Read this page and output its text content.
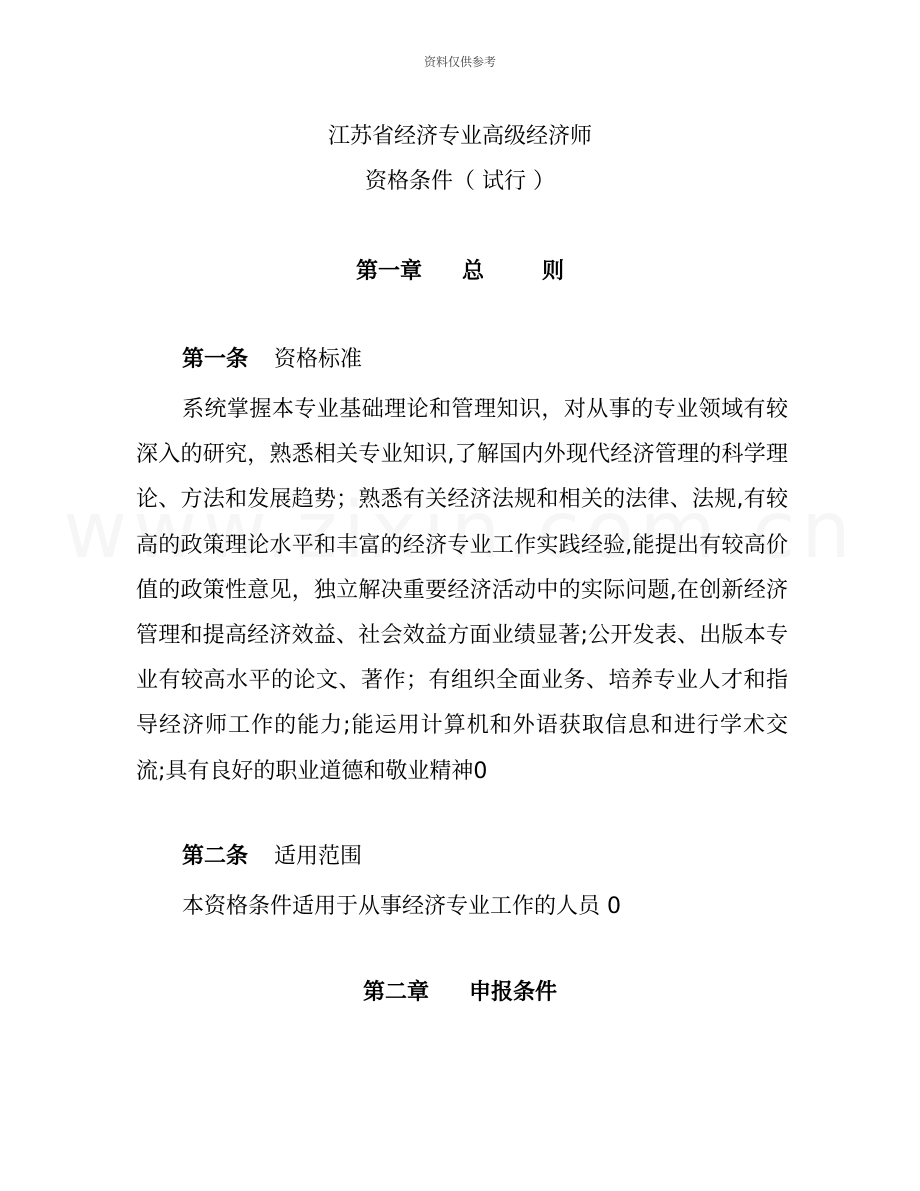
资料仅供参考
江苏省经济专业高级经济师
资格条件（ 试行 ）
第一章 总	则
第一条 资格标准
系统掌握本专业基础理论和管理知识，对从事的专业领域有较深入的研究，熟悉相关专业知识,了解国内外现代经济管理的科学理论、方法和发展趋势；熟悉有关经济法规和相关的法律、法规,有较高的政策理论水平和丰富的经济专业工作实践经验,能提出有较高价值的政策性意见，独立解决重要经济活动中的实际问题,在创新经济管理和提高经济效益、社会效益方面业绩显著;公开发表、出版本专业有较高水平的论文、著作；有组织全面业务、培养专业人才和指导经济师工作的能力;能运用计算机和外语获取信息和进行学术交流;具有良好的职业道德和敬业精神0
第二条 适用范围
本资格条件适用于从事经济专业工作的人员 0
第二章 申报条件
